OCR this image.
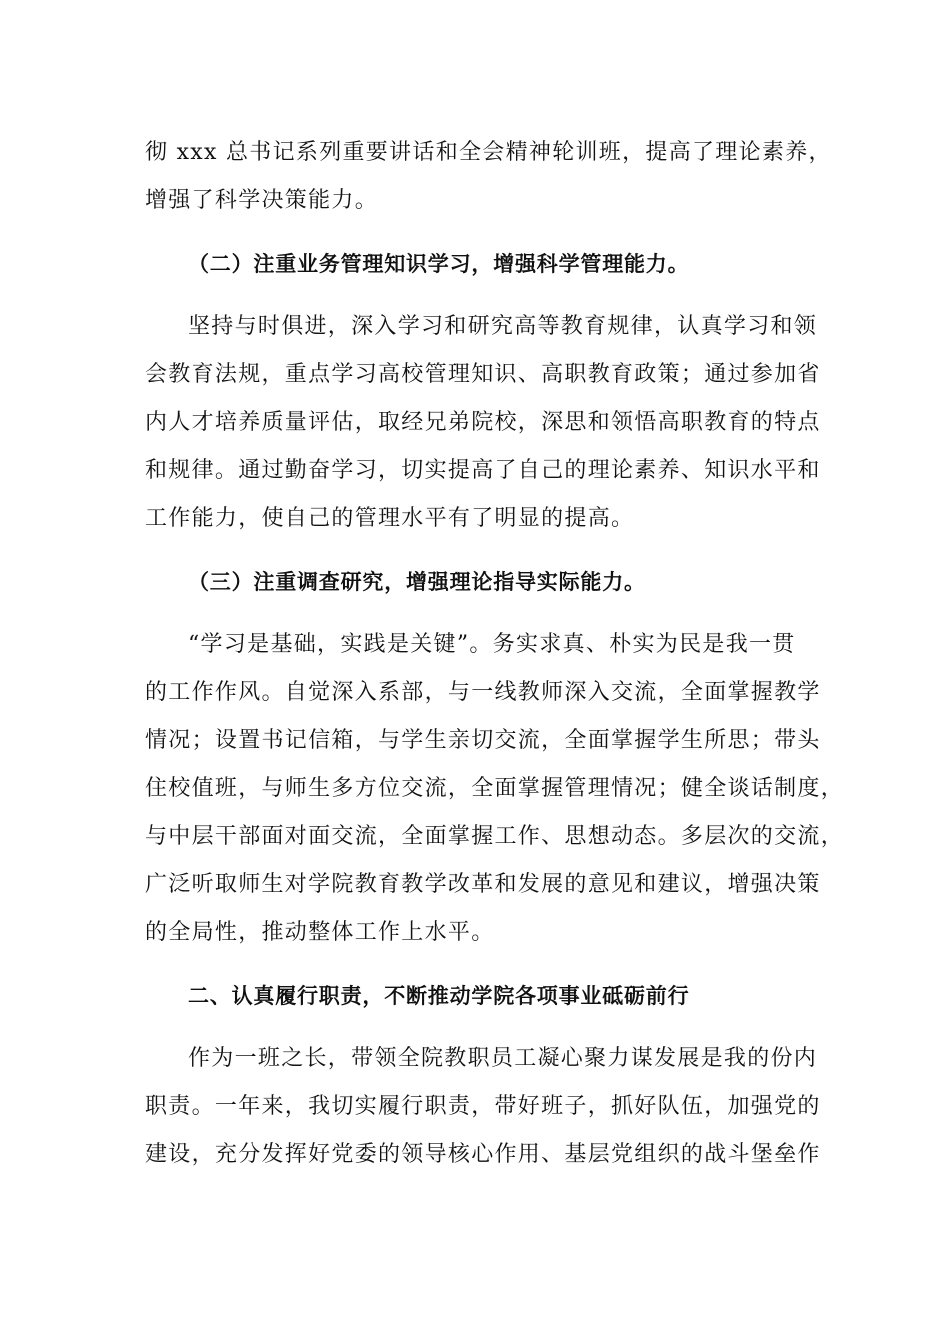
彻 xxx 总书记系列重要讲话和全会精神轮训班，提高了理论素养，
增强了科学决策能力。
（二）注重业务管理知识学习，增强科学管理能力。
坚持与时俱进，深入学习和研究高等教育规律，认真学习和领
会教育法规，重点学习高校管理知识、高职教育政策；通过参加省
内人才培养质量评估，取经兄弟院校，深思和领悟高职教育的特点
和规律。通过勤奋学习，切实提高了自己的理论素养、知识水平和
工作能力，使自己的管理水平有了明显的提高。
（三）注重调查研究，增强理论指导实际能力。
“学习是基础，实践是关键”。务实求真、朴实为民是我一贯
的工作作风。自觉深入系部，与一线教师深入交流，全面掌握教学
情况；设置书记信箱，与学生亲切交流，全面掌握学生所思；带头
住校值班，与师生多方位交流，全面掌握管理情况；健全谈话制度，
与中层干部面对面交流，全面掌握工作、思想动态。多层次的交流，
广泛听取师生对学院教育教学改革和发展的意见和建议，增强决策
的全局性，推动整体工作上水平。
二、认真履行职责，不断推动学院各项事业砥砺前行
作为一班之长，带领全院教职员工凝心聚力谋发展是我的份内
职责。一年来，我切实履行职责，带好班子，抓好队伍，加强党的
建设，充分发挥好党委的领导核心作用、基层党组织的战斗堡垒作
